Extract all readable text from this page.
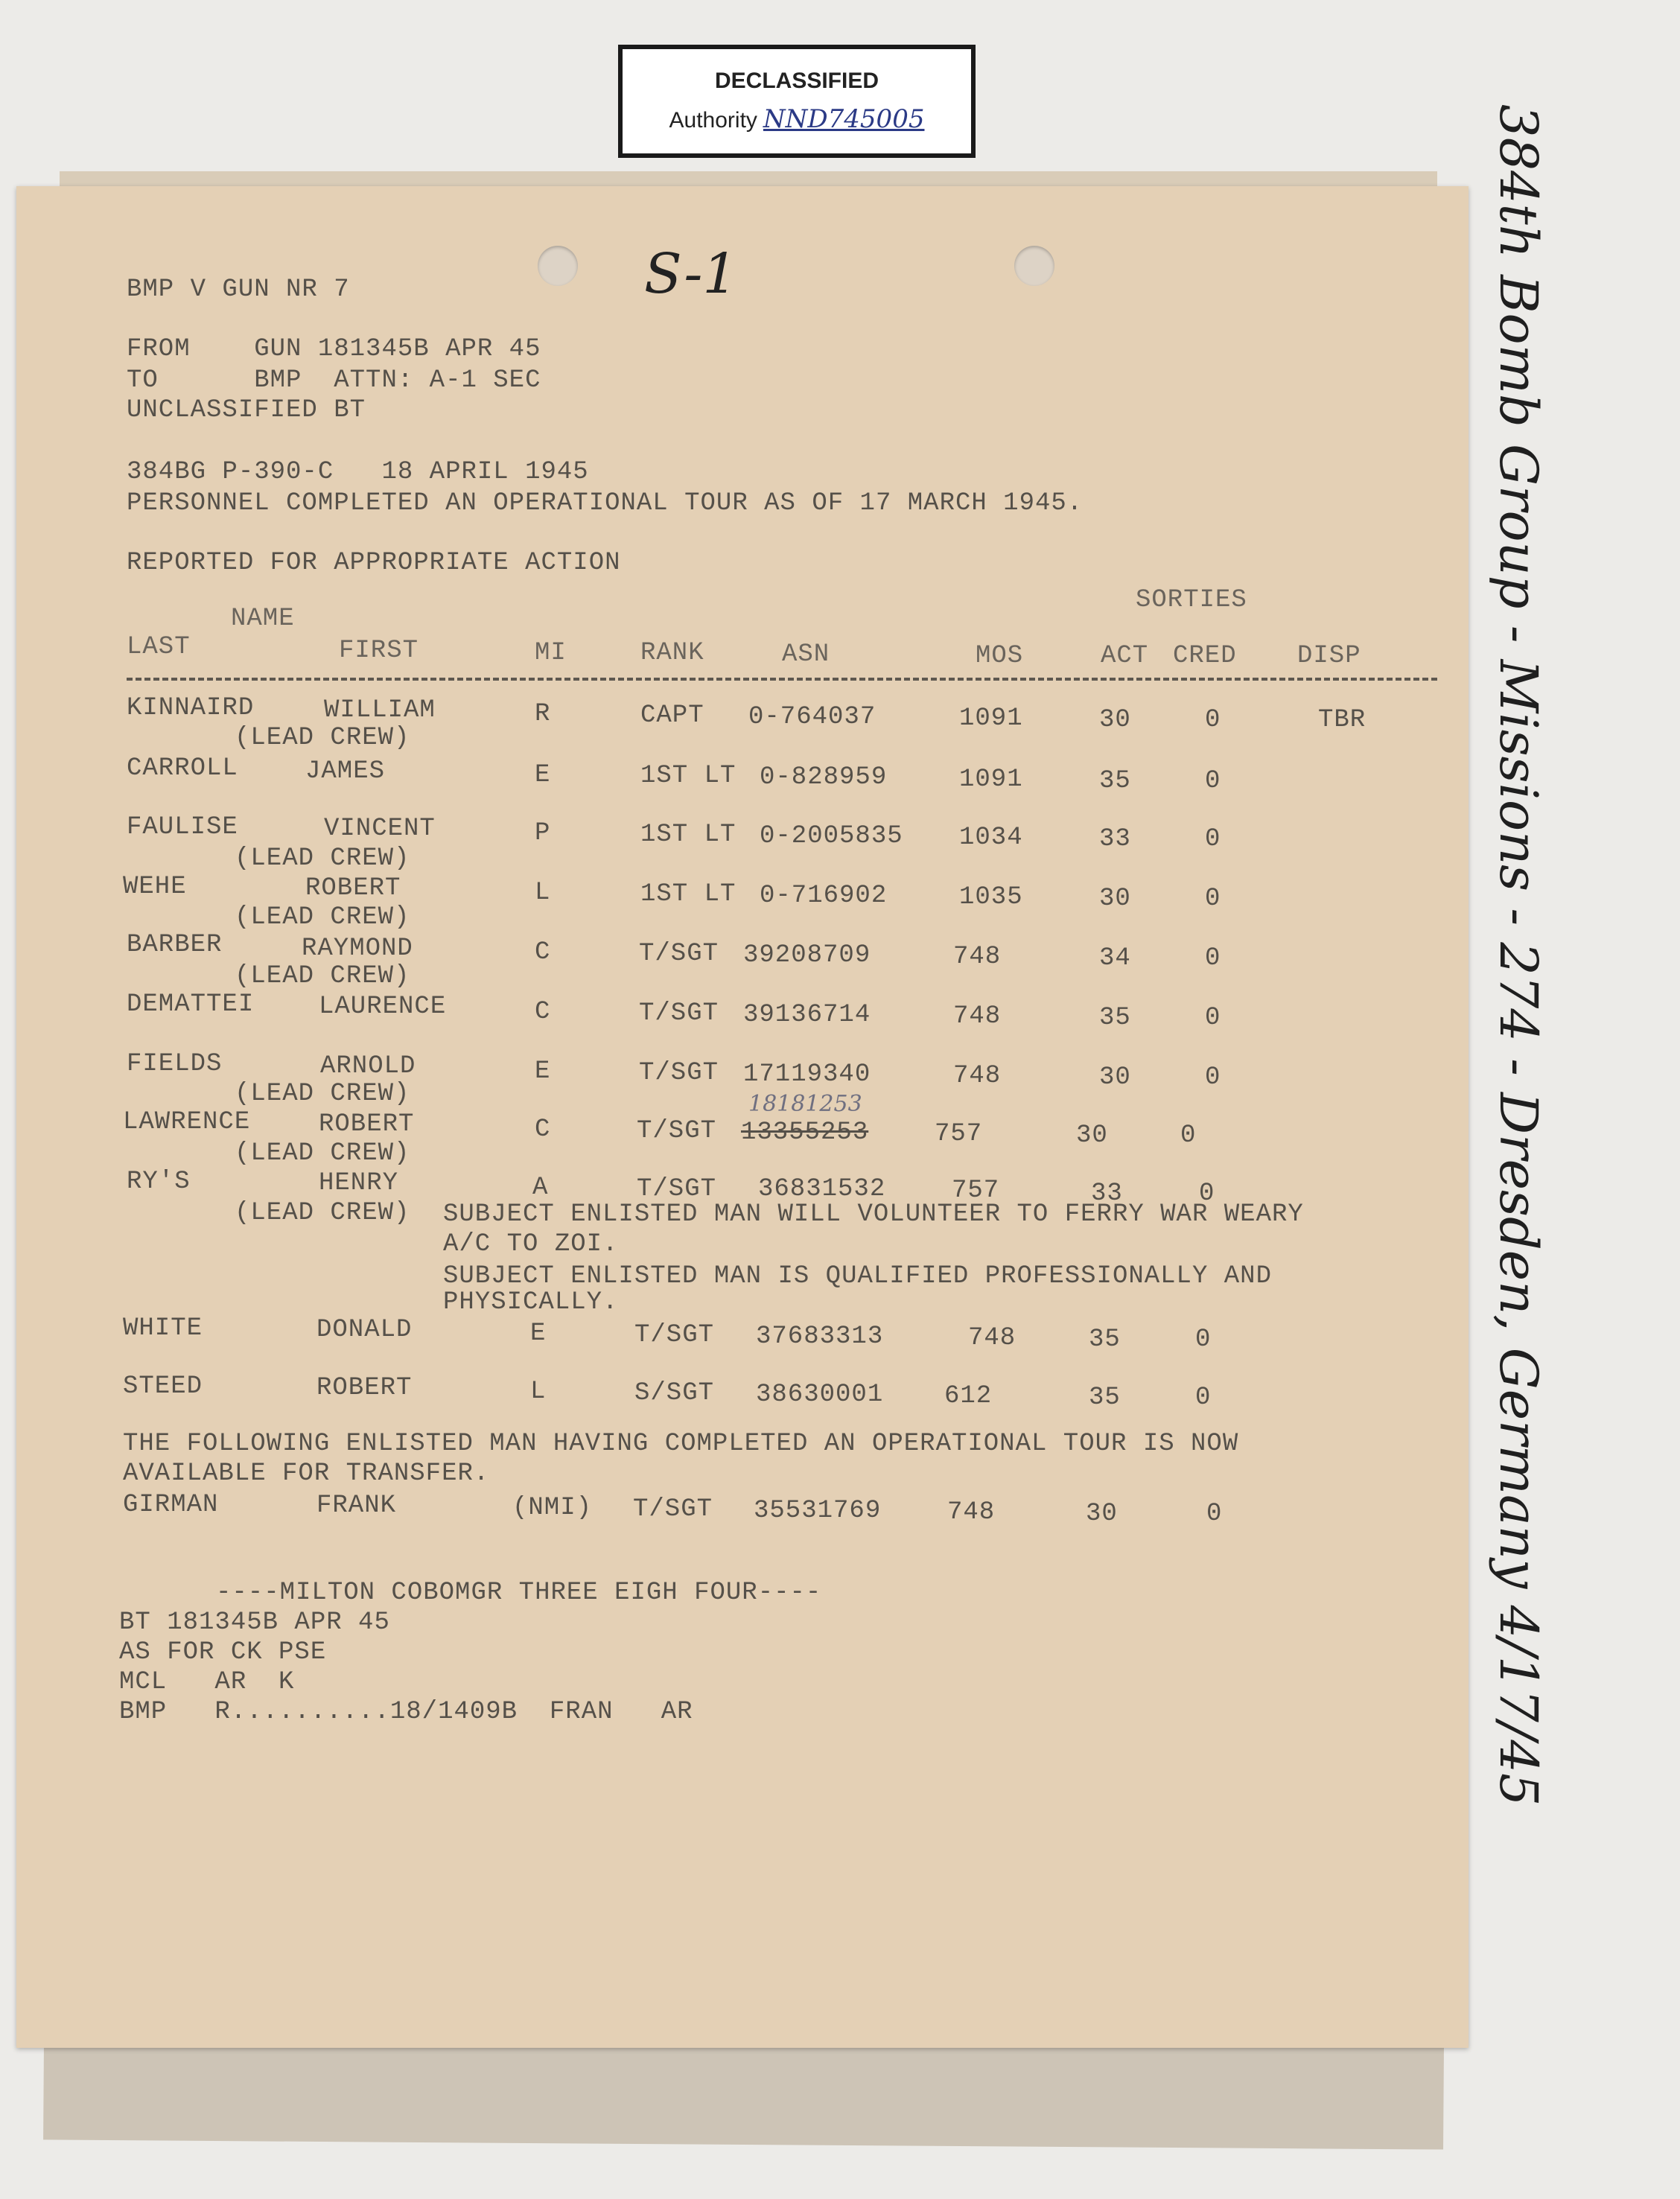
DECLASSIFIED
Authority NND745005	384th Bomb Group - Missions - 274 - Dresden, Germany 4/17/45
S-1
BMP V GUN NR 7
FROM    GUN 181345B APR 45
TO      BMP  ATTN: A-1 SEC
UNCLASSIFIED BT
384BG P-390-C   18 APRIL 1945
PERSONNEL COMPLETED AN OPERATIONAL TOUR AS OF 17 MARCH 1945.
REPORTED FOR APPROPRIATE ACTION
SORTIES
NAME
LAST	FIRST	MI	RANK	ASN	MOS	ACT CRED DISP
KINNAIRD	WILLIAM	R	CAPT 0-764037	1091	30	0	TBR
(LEAD CREW)
CARROLL	JAMES	E	1ST LT 0-828959	1091	35	0
FAULISE	VINCENT	P	1ST LT 0-2005835 1034	33	0
(LEAD CREW)
WEHE	ROBERT	L	1ST LT 0-716902	1035	30	0
(LEAD CREW)
BARBER	RAYMOND	C	T/SGT 39208709	748	34	0
(LEAD CREW)
DEMATTEI	LAURENCE	C	T/SGT 39136714	748	35	0
FIELDS	ARNOLD	E	T/SGT 17119340	748	30	0
(LEAD CREW)	18181253
LAWRENCE	ROBERT	C	T/SGT 13355253	757	30	0
(LEAD CREW)
RY'S	HENRY	A	T/SGT 36831532	757	33	0
(LEAD CREW) SUBJECT ENLISTED MAN WILL VOLUNTEER TO FERRY WAR WEARY
A/C TO ZOI.
SUBJECT ENLISTED MAN IS QUALIFIED PROFESSIONALLY AND
PHYSICALLY.
WHITE	DONALD	E	T/SGT 37683313	748	35	0
STEED	ROBERT	L	S/SGT 38630001 612	35	0
THE FOLLOWING ENLISTED MAN HAVING COMPLETED AN OPERATIONAL TOUR IS NOW
AVAILABLE FOR TRANSFER.
GIRMAN	FRANK	(NMI) T/SGT 35531769	748	30	0
----MILTON COBOMGR THREE EIGH FOUR----
BT 181345B APR 45
AS FOR CK PSE
MCL   AR  K
BMP   R..........18/1409B  FRAN   AR
